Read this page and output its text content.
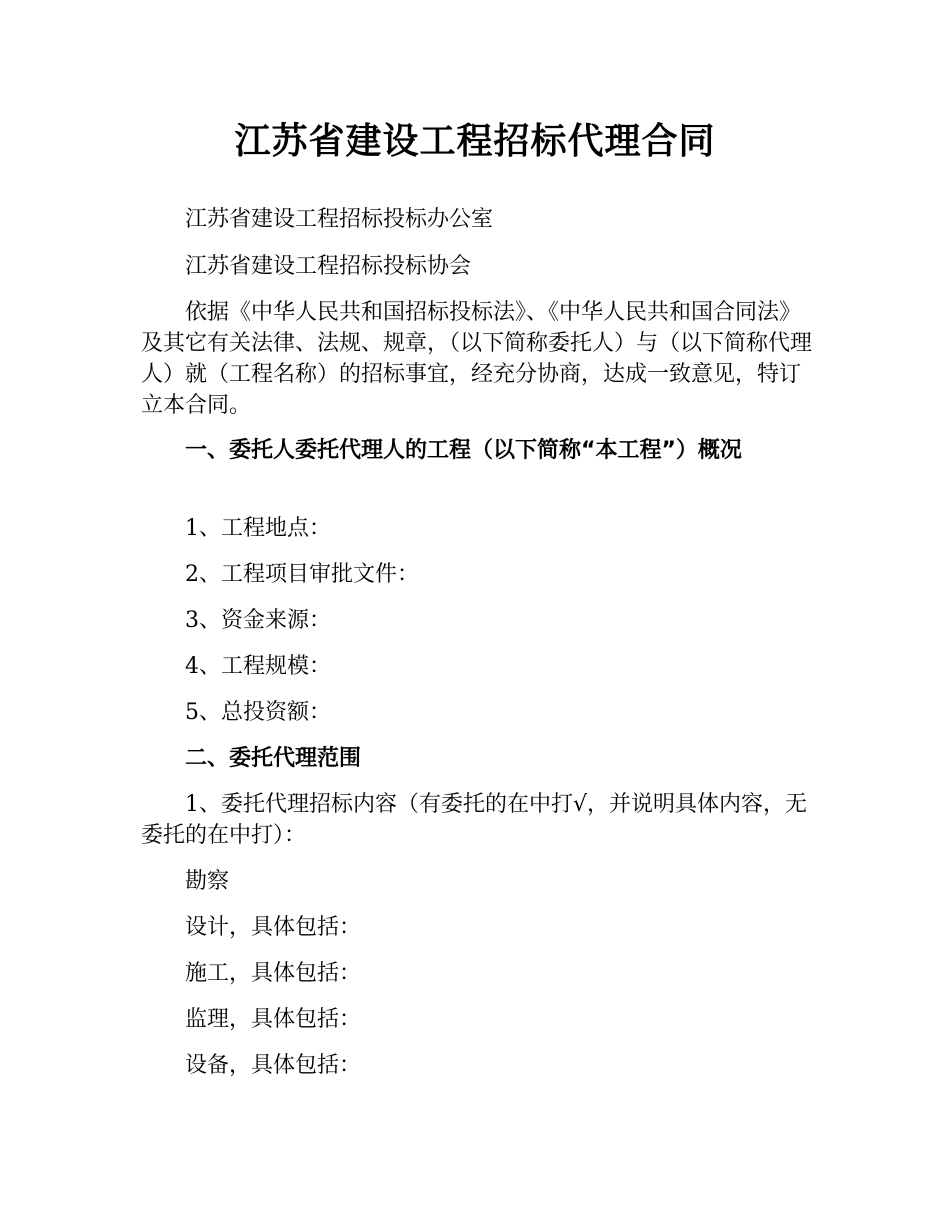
江苏省建设工程招标代理合同

江苏省建设工程招标投标办公室

江苏省建设工程招标投标协会

依据《中华人民共和国招标投标法》、《中华人民共和国合同法》及其它有关法律、法规、规章，（以下简称委托人）与（以下简称代理人）就（工程名称）的招标事宜，经充分协商，达成一致意见，特订立本合同。

一、委托人委托代理人的工程（以下简称“本工程”）概况

1、工程地点：

2、工程项目审批文件：

3、资金来源：

4、工程规模：

5、总投资额：

二、委托代理范围

1、委托代理招标内容（有委托的在中打√，并说明具体内容，无委托的在中打）：

勘察

设计，具体包括：

施工，具体包括：

监理，具体包括：

设备，具体包括：
